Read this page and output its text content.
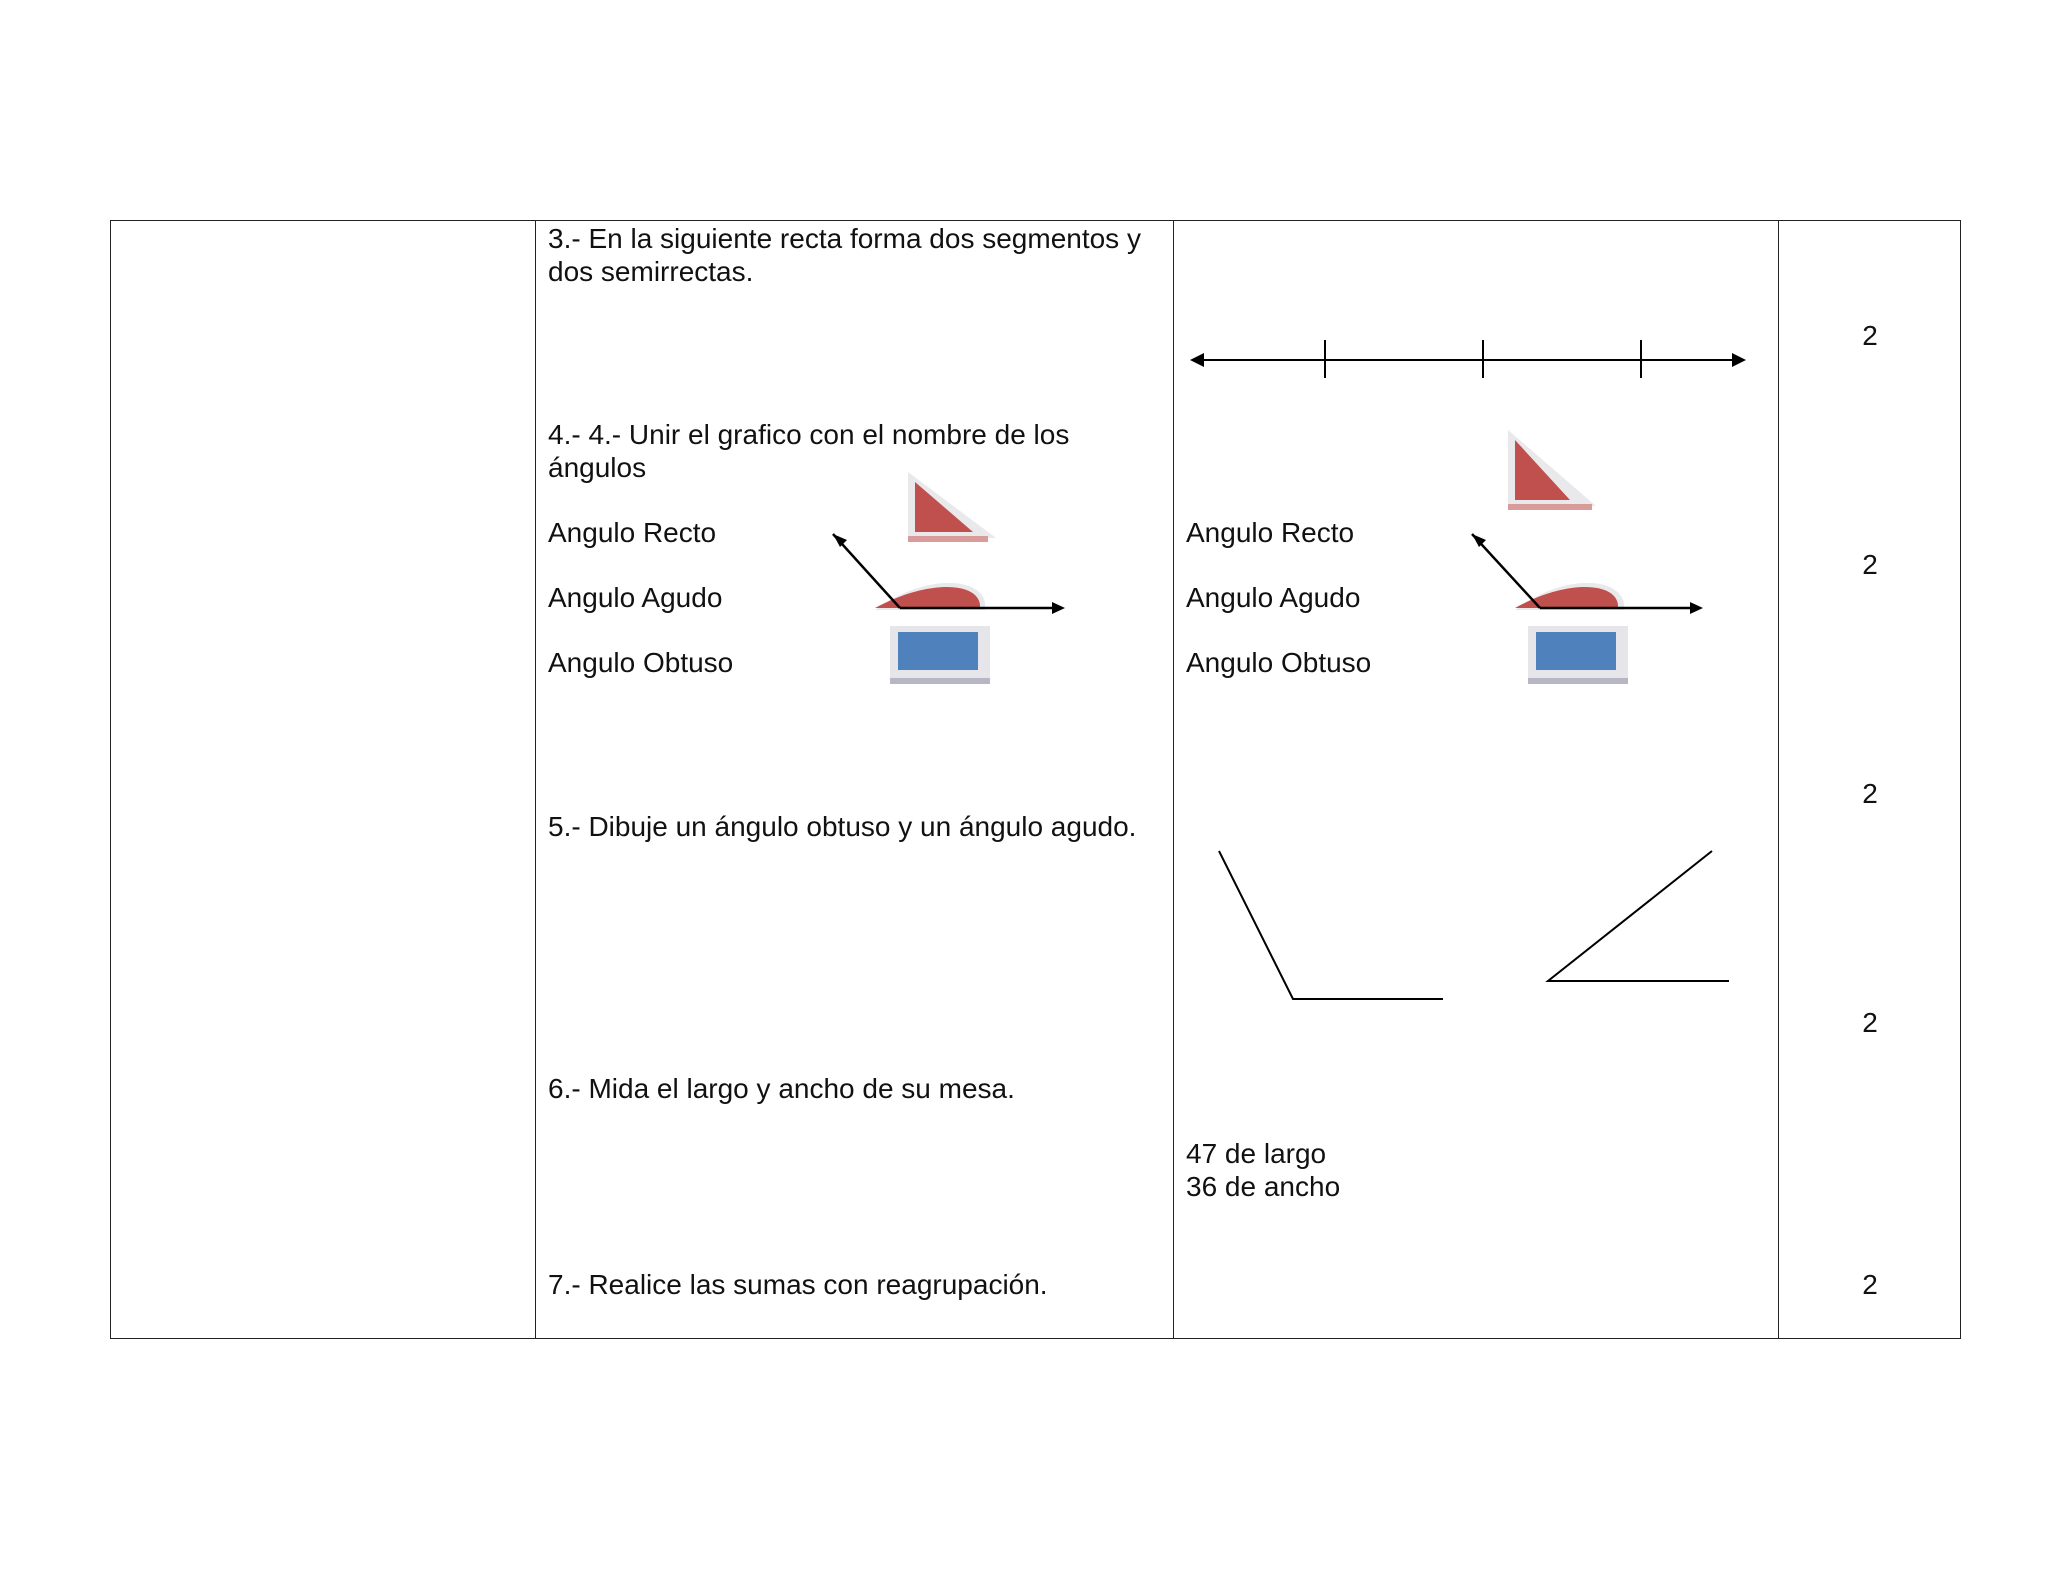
3.- En la siguiente recta forma dos segmentos y
dos semirrectas.
4.- 4.- Unir el grafico con el nombre de los
ángulos
Angulo Recto
Angulo Agudo
Angulo Obtuso
5.- Dibuje un ángulo obtuso y un ángulo agudo.
6.- Mida el largo y ancho de su mesa.
7.- Realice las sumas con reagrupación.
Angulo Recto
Angulo Agudo
Angulo Obtuso
47 de largo
36 de ancho
2
2
2
2
2
